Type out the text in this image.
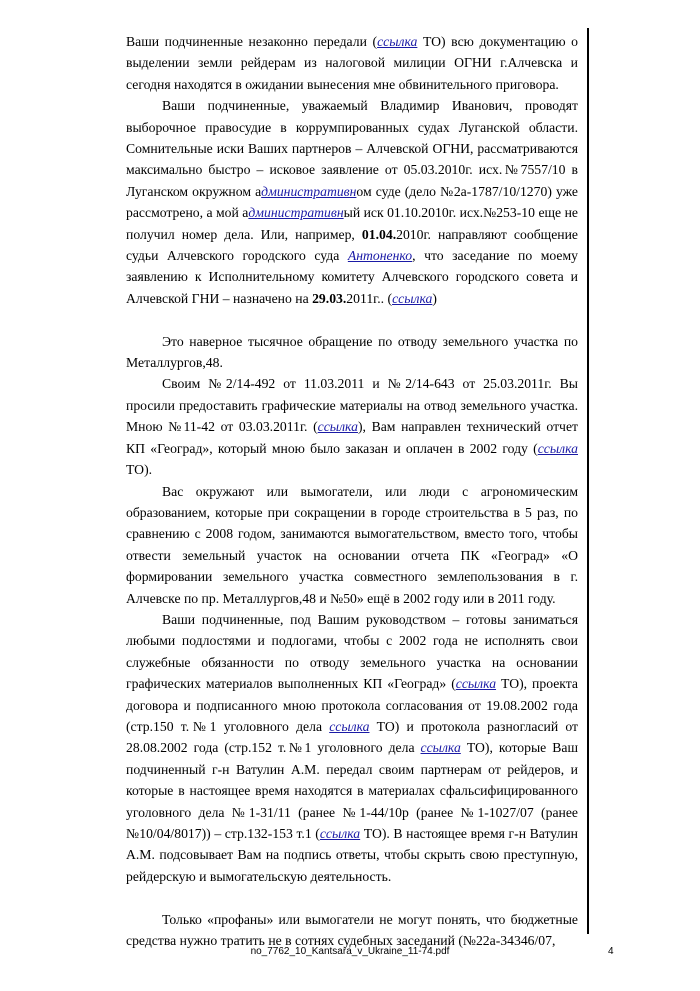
Ваши подчиненные незаконно передали (ссылка ТО) всю документацию о выделении земли рейдерам из налоговой милиции ОГНИ г.Алчевска и сегодня находятся в ожидании вынесения мне обвинительного приговора.

Ваши подчиненные, уважаемый Владимир Иванович, проводят выборочное правосудие в коррумпированных судах Луганской области. Сомнительные иски Ваших партнеров – Алчевской ОГНИ, рассматриваются максимально быстро – исковое заявление от 05.03.2010г. исх.№7557/10 в Луганском окружном административном суде (дело №2а-1787/10/1270) уже рассмотрено, а мой административный иск 01.10.2010г. исх.№253-10 еще не получил номер дела. Или, например, 01.04.2010г. направляют сообщение судьи Алчевского городского суда Антоненко, что заседание по моему заявлению к Исполнительному комитету Алчевского городского совета и Алчевской ГНИ – назначено на 29.03.2011г.. (ссылка)

Это наверное тысячное обращение по отводу земельного участка по Металлургов,48.

Своим №2/14-492 от 11.03.2011 и №2/14-643 от 25.03.2011г. Вы просили предоставить графические материалы на отвод земельного участка. Мною №11-42 от 03.03.2011г. (ссылка), Вам направлен технический отчет КП «Геоград», который мною было заказан и оплачен в 2002 году (ссылка ТО).

Вас окружают или вымогатели, или люди с агрономическим образованием, которые при сокращении в городе строительства в 5 раз, по сравнению с 2008 годом, занимаются вымогательством, вместо того, чтобы отвести земельный участок на основании отчета ПК «Геоград» «О формировании земельного участка совместного землепользования в г. Алчевске по пр. Металлургов,48 и №50» ещё в 2002 году или в 2011 году.

Ваши подчиненные, под Вашим руководством – готовы заниматься любыми подлостями и подлогами, чтобы с 2002 года не исполнять свои служебные обязанности по отводу земельного участка на основании графических материалов выполненных КП «Геоград» (ссылка ТО), проекта договора и подписанного мною протокола согласования от 19.08.2002 года (стр.150 т.№1 уголовного дела ссылка ТО) и протокола разногласий от 28.08.2002 года (стр.152 т.№1 уголовного дела ссылка ТО), которые Ваш подчиненный г-н Ватулин А.М. передал своим партнерам от рейдеров, и которые в настоящее время находятся в материалах сфальсифицированного уголовного дела №1-31/11 (ранее №1-44/10р (ранее №1-1027/07 (ранее №10/04/8017)) – стр.132-153 т.1 (ссылка ТО). В настоящее время г-н Ватулин А.М. подсовывает Вам на подпись ответы, чтобы скрыть свою преступную, рейдерскую и вымогательскую деятельность.

Только «профаны» или вымогатели не могут понять, что бюджетные средства нужно тратить не в сотнях судебных заседаний (№22а-34346/07,

no_7762_10_Kantsara_v_Ukraine_11-74.pdf	4
